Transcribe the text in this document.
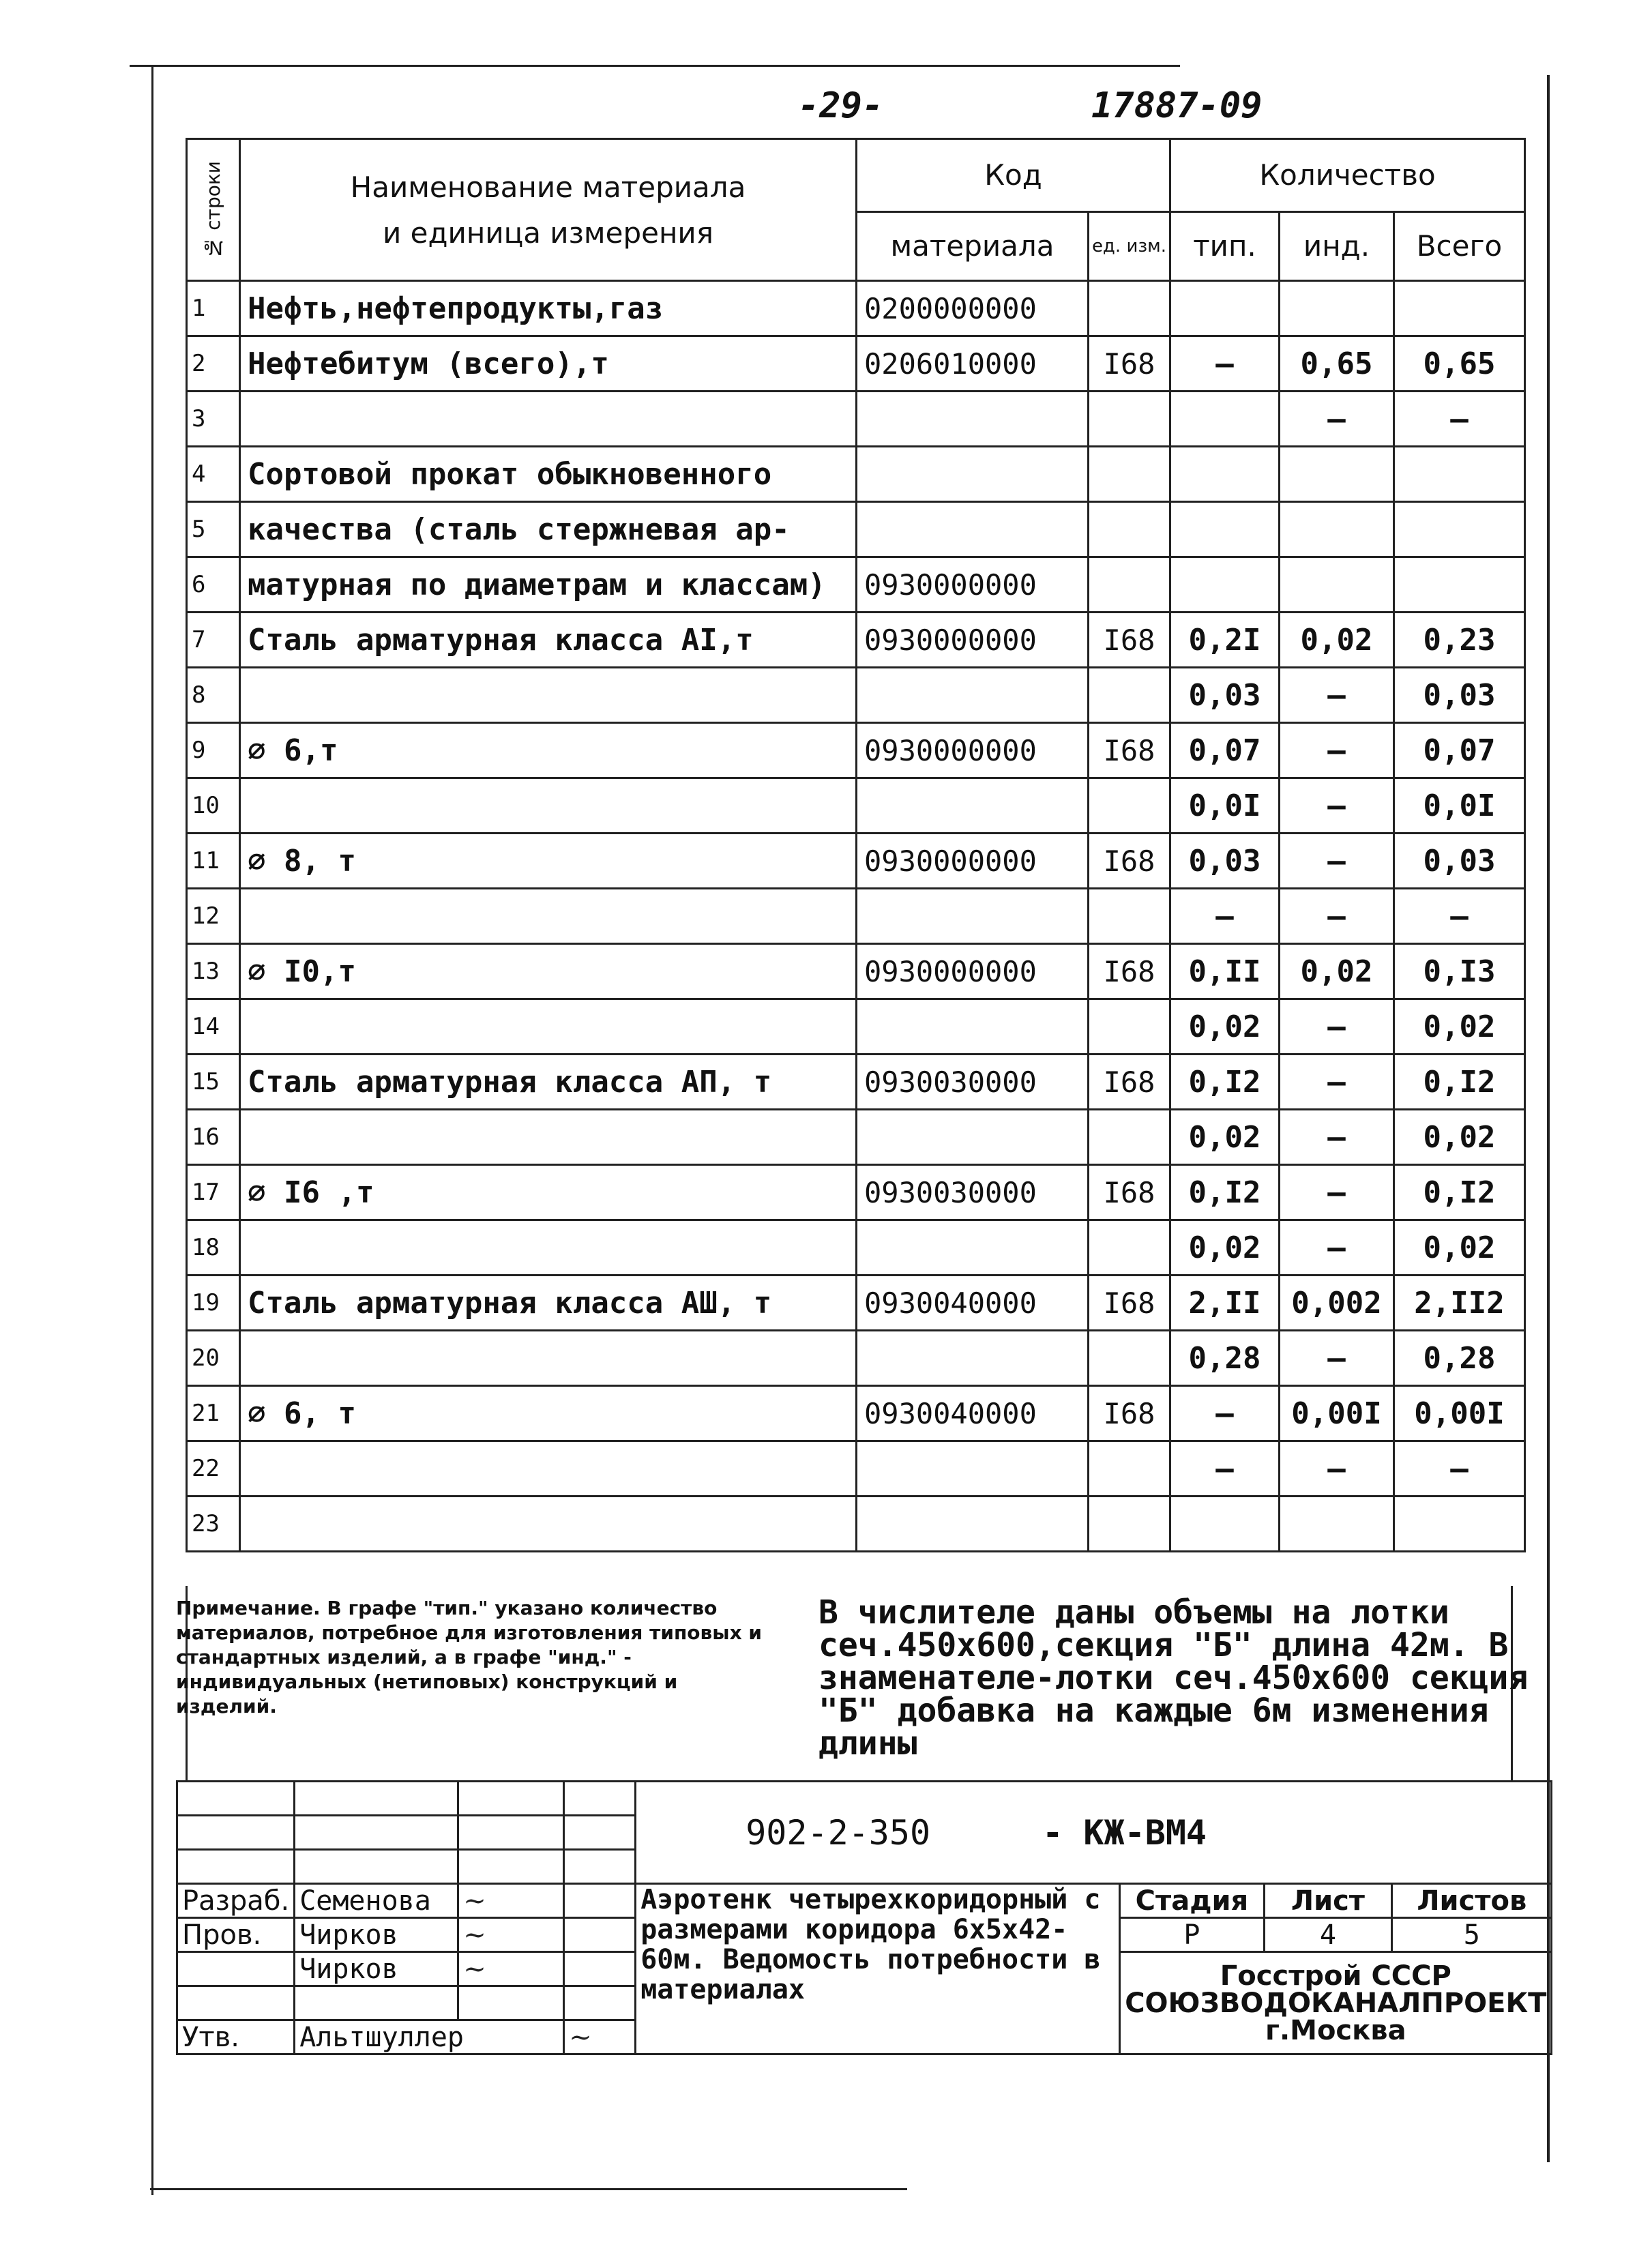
-29-	17887-09
№ строки	Наименование материала
и единица измерения	Код		Количество		
		материала	ед. изм.	тип.	инд.	Всего
1	Нефть,нефтепродукты,газ	0200000000				
2	Нефтебитум (всего),т	0206010000	I68	–	0,65	0,65
3					–	–
4	Сортовой прокат обыкновенного					
5	качества (сталь стержневая ар-					
6	матурная по диаметрам и классам)	0930000000				
7	Сталь арматурная класса AI,т	0930000000	I68	0,2I	0,02	0,23
8				0,03	–	0,03
9	∅ 6,т	0930000000	I68	0,07	–	0,07
10				0,0I	–	0,0I
11	∅ 8, т	0930000000	I68	0,03	–	0,03
12				–	–	–
13	∅ I0,т	0930000000	I68	0,II	0,02	0,I3
14				0,02	–	0,02
15	Сталь арматурная класса AП, т	0930030000	I68	0,I2	–	0,I2
16				0,02	–	0,02
17	∅ I6 ,т	0930030000	I68	0,I2	–	0,I2
18				0,02	–	0,02
19	Сталь арматурная класса AШ, т	0930040000	I68	2,II	0,002	2,II2
20				0,28	–	0,28
21	∅ 6, т	0930040000	I68	–	0,00I	0,00I
22				–	–	–
23						
Примечание. В графе "тип." указано количество материалов, потребное для изготовления типовых и стандартных изделий, а в графе "инд." - индивидуальных (нетиповых) конструкций и изделий.
В числителе даны объемы на лотки сеч.450х600,секция "Б" длина 42м. В знаменателе-лотки сеч.450х600 секция "Б" добавка на каждые 6м изменения длины
				902-2-350 - КЖ-ВМ4			

Разраб.	Семенова	~		Аэротенк четырехкоридорный с размерами коридора 6х5х42-60м. Ведомость потребности в материалах	Стадия	Лист	Листов
Пров.	Чирков	~			Р	4	5
	Чирков	~			Госстрой СССР
СОЮЗВОДОКАНАЛПРОЕКТ
г.Москва		

Утв.	Альтшуллер		~				
